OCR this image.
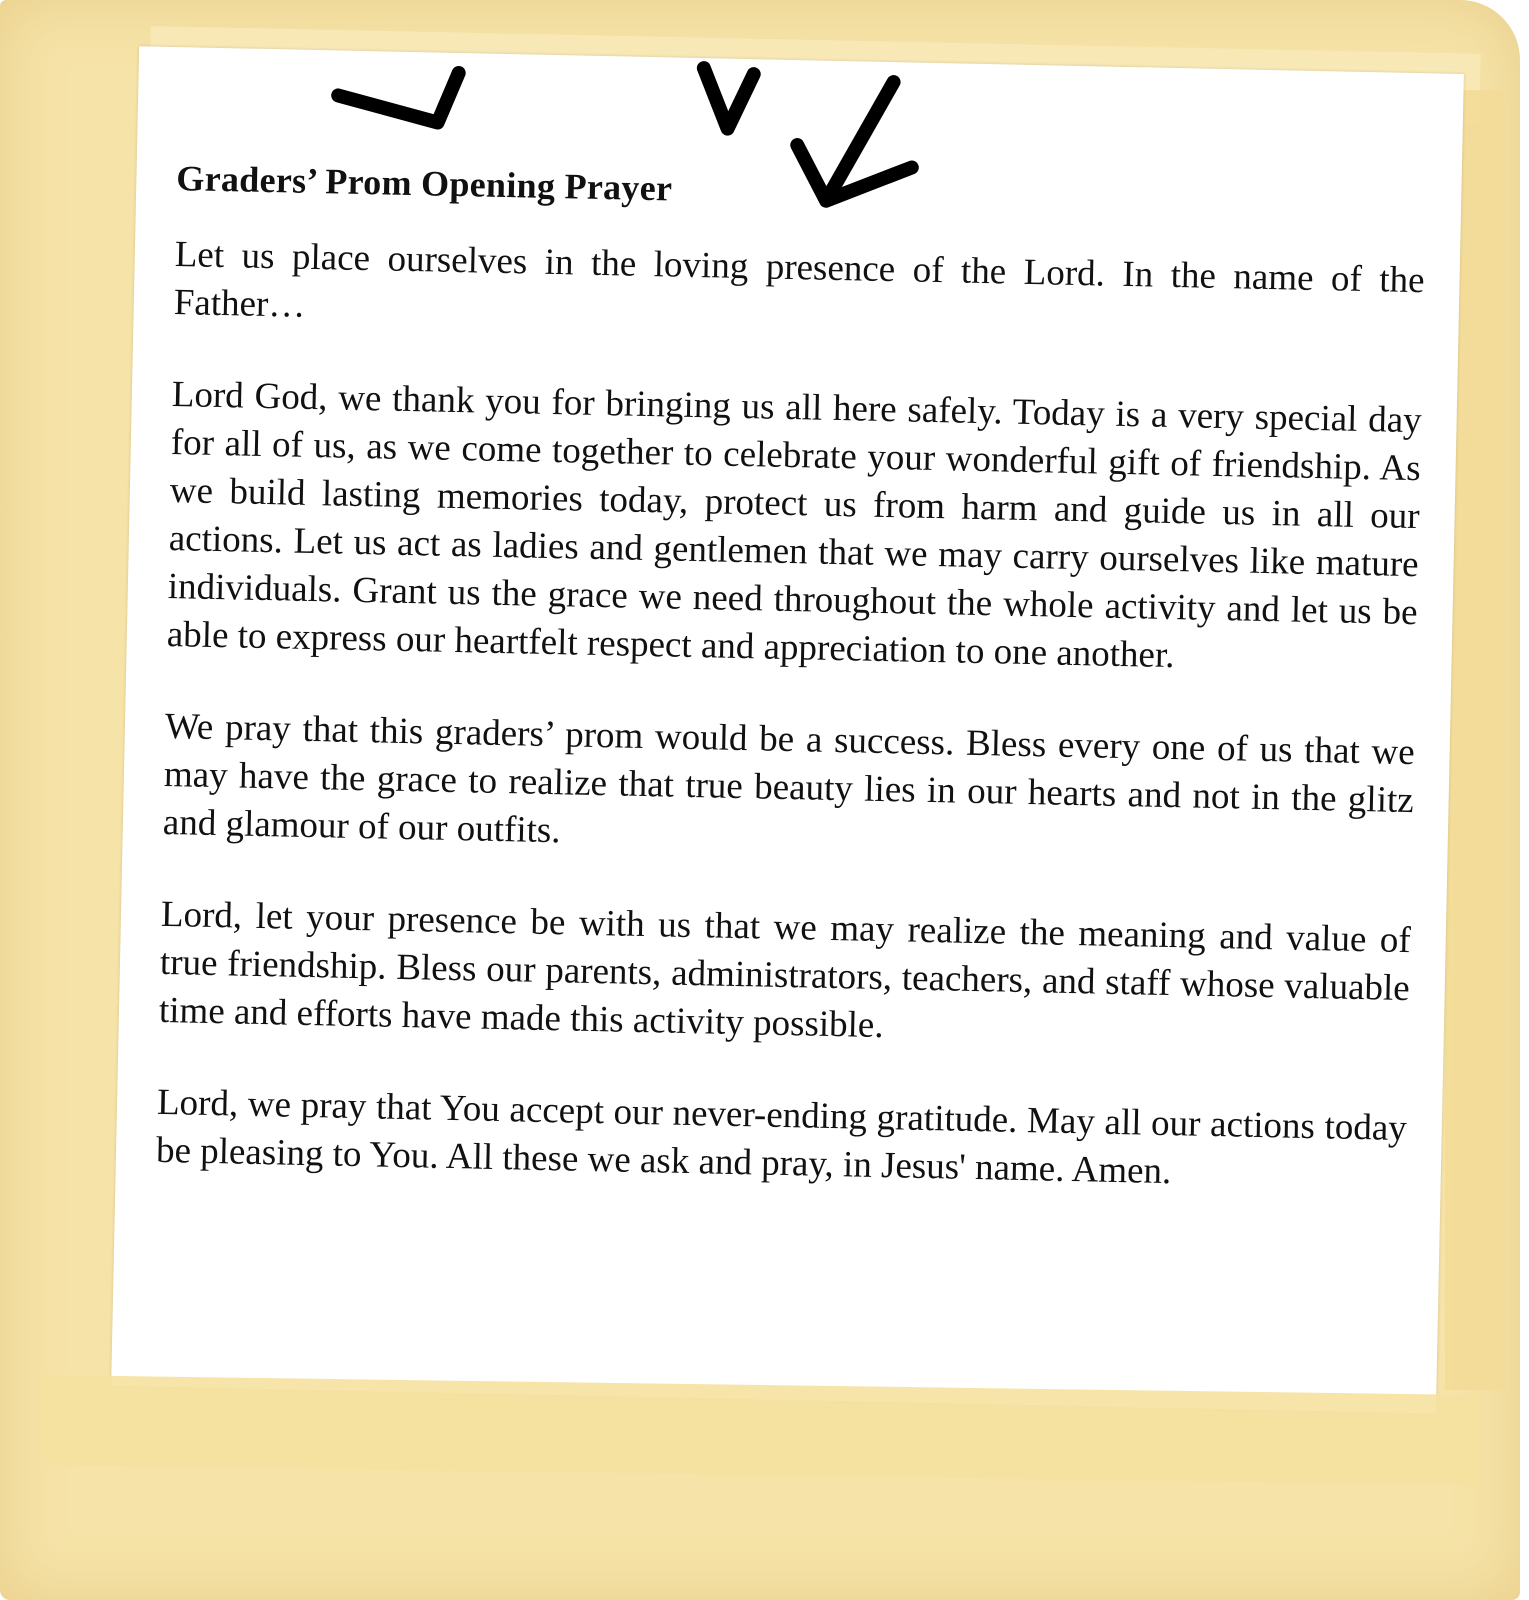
Graders’ Prom Opening Prayer

Let us place ourselves in the loving presence of the Lord. In the name of the Father…

Lord God, we thank you for bringing us all here safely. Today is a very special day for all of us, as we come together to celebrate your wonderful gift of friendship. As we build lasting memories today, protect us from harm and guide us in all our actions. Let us act as ladies and gentlemen that we may carry ourselves like mature individuals. Grant us the grace we need throughout the whole activity and let us be able to express our heartfelt respect and appreciation to one another.

We pray that this graders’ prom would be a success. Bless every one of us that we may have the grace to realize that true beauty lies in our hearts and not in the glitz and glamour of our outfits.

Lord, let your presence be with us that we may realize the meaning and value of true friendship. Bless our parents, administrators, teachers, and staff whose valuable time and efforts have made this activity possible.

Lord, we pray that You accept our never-ending gratitude. May all our actions today be pleasing to You. All these we ask and pray, in Jesus' name. Amen.
